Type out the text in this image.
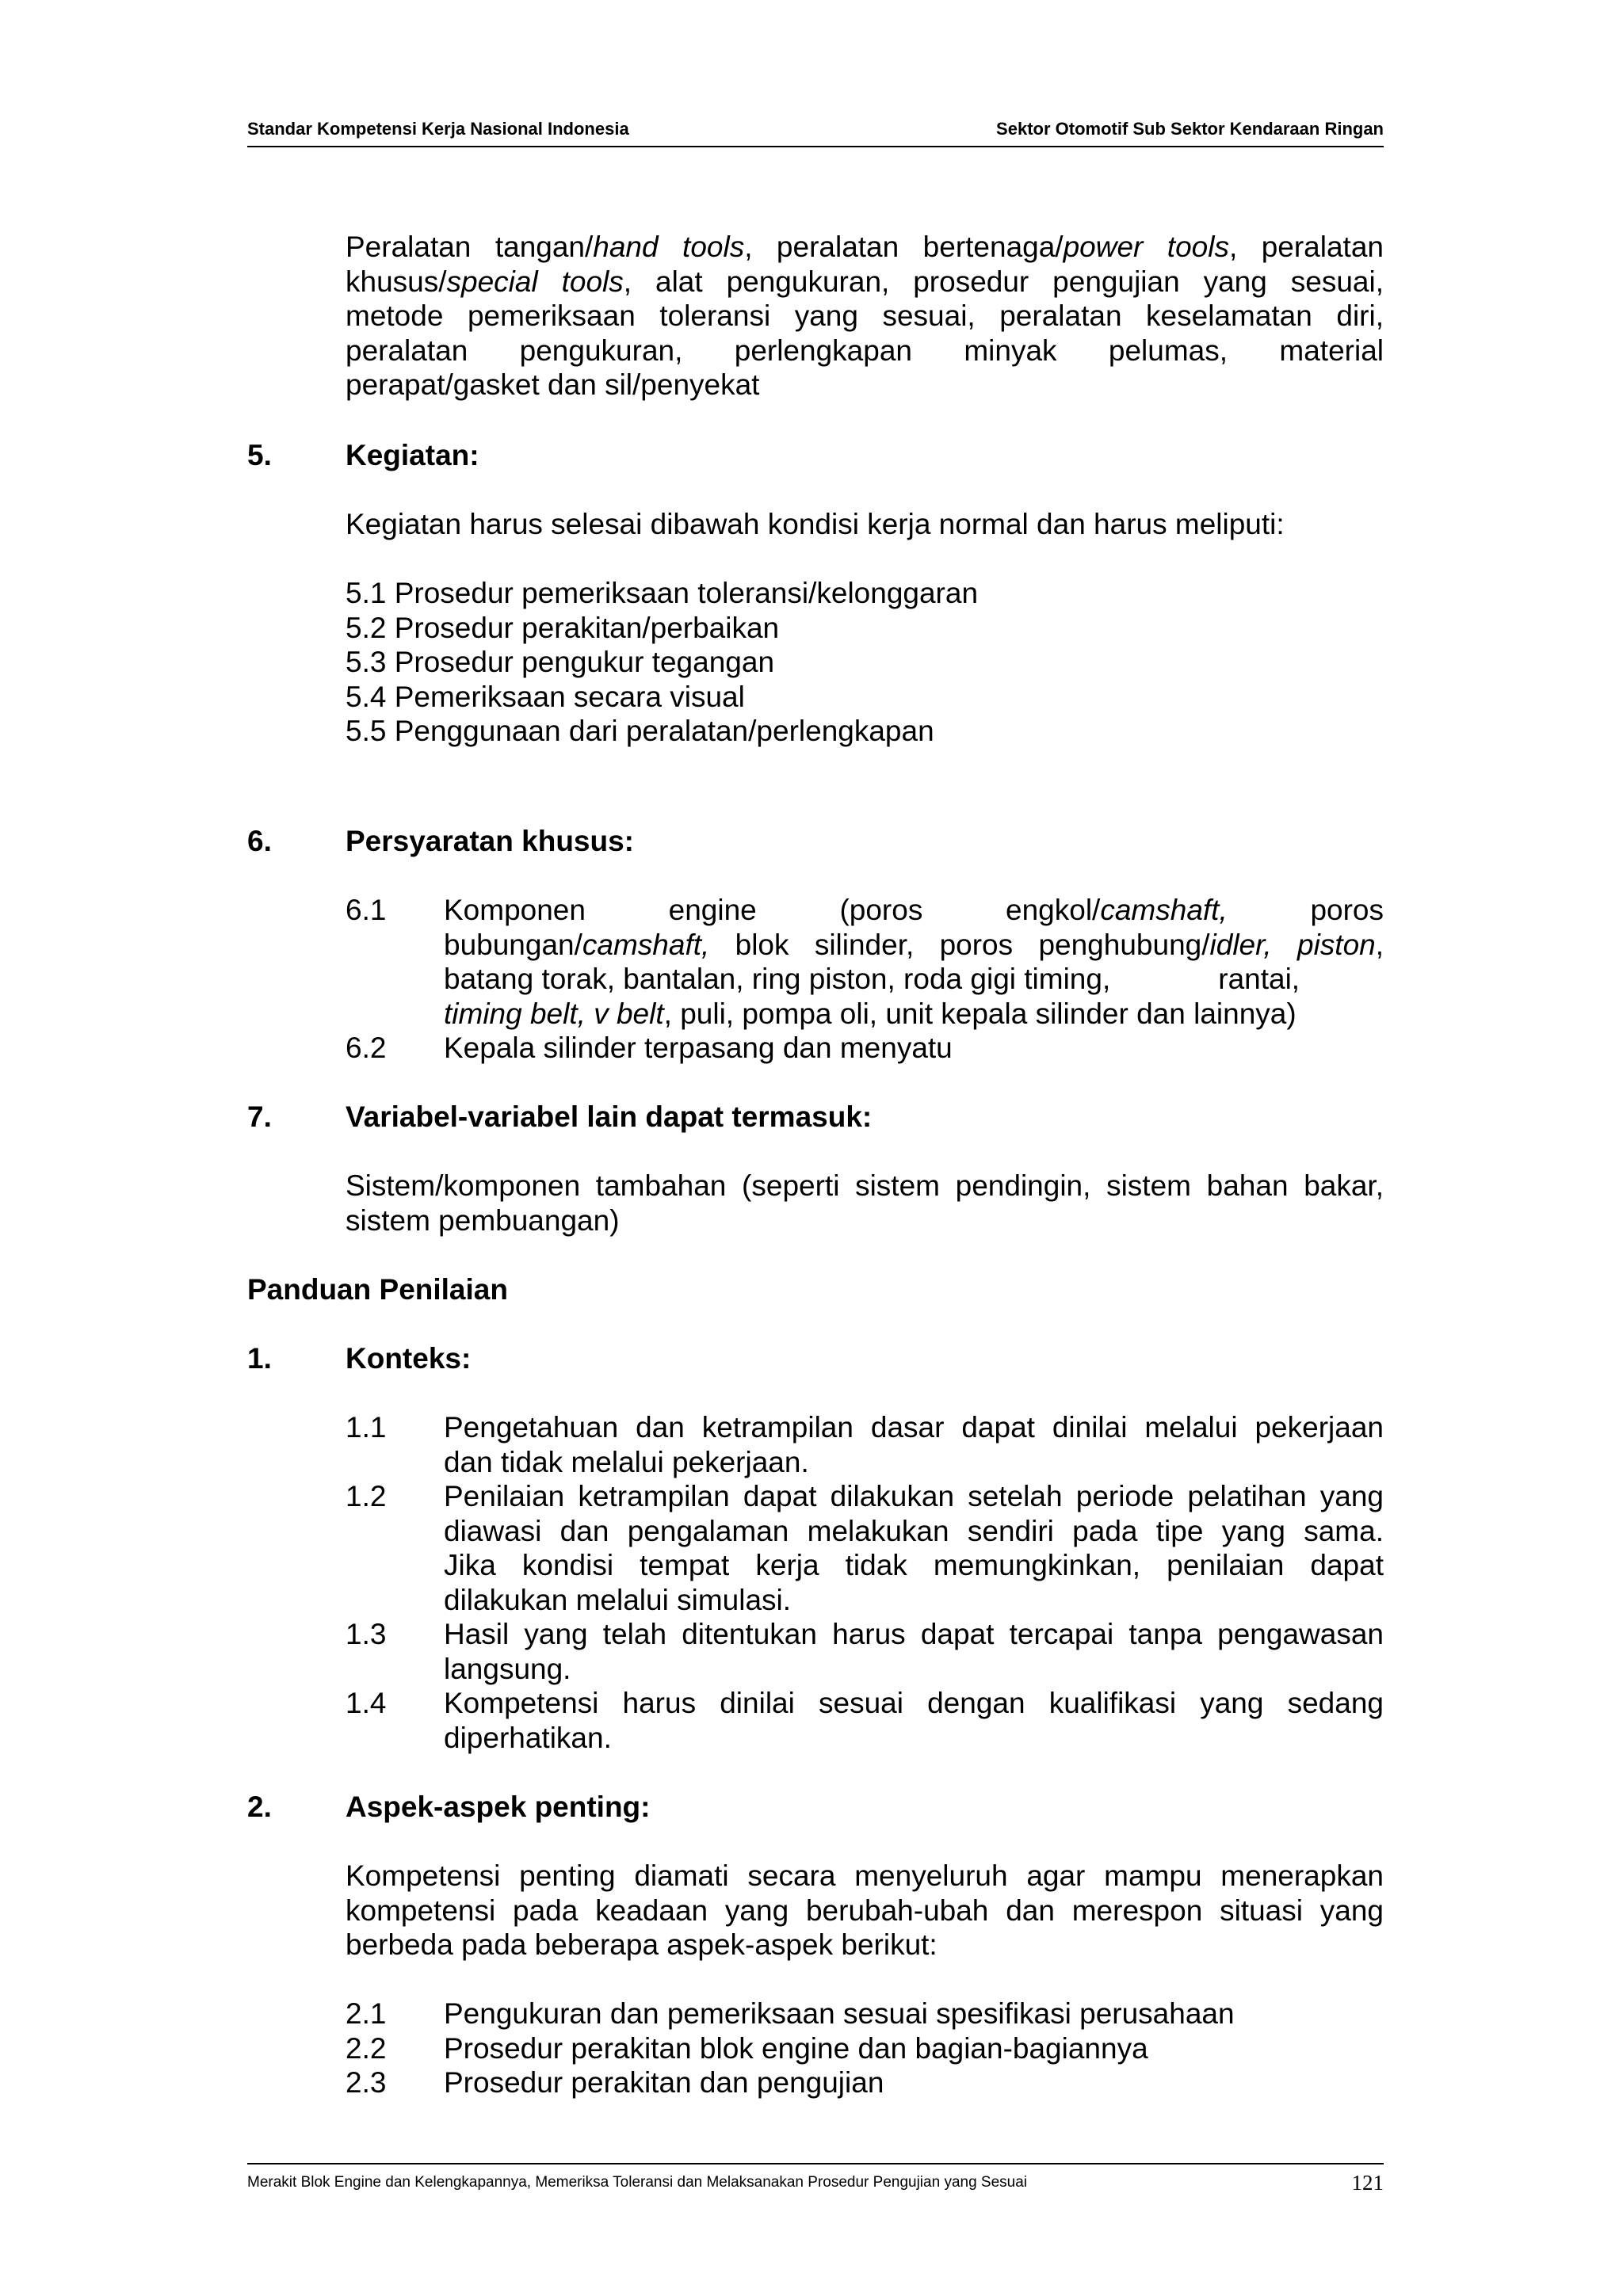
Standar Kompetensi Kerja Nasional Indonesia	Sektor Otomotif Sub Sektor Kendaraan Ringan
Peralatan tangan/hand tools, peralatan bertenaga/power tools, peralatan
khusus/special tools, alat pengukuran, prosedur pengujian yang sesuai,
metode pemeriksaan toleransi yang sesuai, peralatan keselamatan diri,
peralatan pengukuran, perlengkapan minyak pelumas, material
perapat/gasket dan sil/penyekat
5.	Kegiatan:
Kegiatan harus selesai dibawah kondisi kerja normal dan harus meliputi:
5.1 Prosedur pemeriksaan toleransi/kelonggaran
5.2 Prosedur perakitan/perbaikan
5.3 Prosedur pengukur tegangan
5.4 Pemeriksaan secara visual
5.5 Penggunaan dari peralatan/perlengkapan
6.	Persyaratan khusus:
6.1 Komponen engine (poros engkol/camshaft, poros
bubungan/camshaft, blok silinder, poros penghubung/idler, piston,
batang torak, bantalan, ring piston, roda gigi timing,	rantai,
timing belt, v belt, puli, pompa oli, unit kepala silinder dan lainnya)
6.2 Kepala silinder terpasang dan menyatu
7.	Variabel-variabel lain dapat termasuk:
Sistem/komponen tambahan (seperti sistem pendingin, sistem bahan bakar,
sistem pembuangan)
Panduan Penilaian
1.	Konteks:
1.1 Pengetahuan dan ketrampilan dasar dapat dinilai melalui pekerjaan
dan tidak melalui pekerjaan.
1.2 Penilaian ketrampilan dapat dilakukan setelah periode pelatihan yang
diawasi dan pengalaman melakukan sendiri pada tipe yang sama.
Jika kondisi tempat kerja tidak memungkinkan, penilaian dapat
dilakukan melalui simulasi.
1.3 Hasil yang telah ditentukan harus dapat tercapai tanpa pengawasan
langsung.
1.4 Kompetensi harus dinilai sesuai dengan kualifikasi yang sedang
diperhatikan.
2.	Aspek-aspek penting:
Kompetensi penting diamati secara menyeluruh agar mampu menerapkan
kompetensi pada keadaan yang berubah-ubah dan merespon situasi yang
berbeda pada beberapa aspek-aspek berikut:
2.1 Pengukuran dan pemeriksaan sesuai spesifikasi perusahaan
2.2 Prosedur perakitan blok engine dan bagian-bagiannya
2.3 Prosedur perakitan dan pengujian
Merakit Blok Engine dan Kelengkapannya, Memeriksa Toleransi dan Melaksanakan Prosedur Pengujian yang Sesuai	121
